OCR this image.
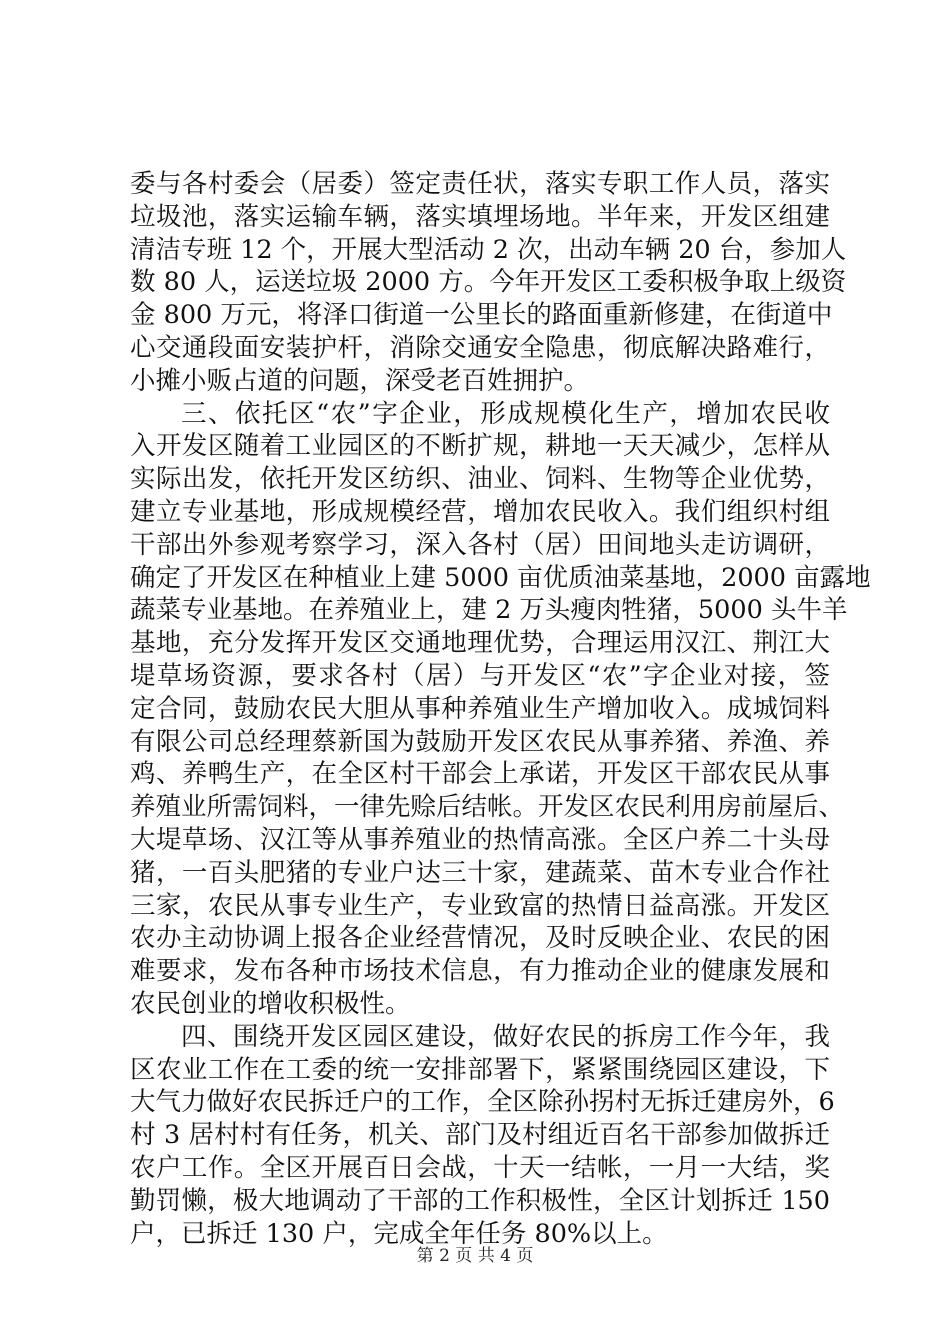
委与各村委会（居委）签定责任状，落实专职工作人员，落实
垃圾池，落实运输车辆，落实填埋场地。半年来，开发区组建
清洁专班 12 个，开展大型活动 2 次，出动车辆 20 台，参加人
数 80 人，运送垃圾 2000 方。今年开发区工委积极争取上级资
金 800 万元，将泽口街道一公里长的路面重新修建，在街道中
心交通段面安装护杆，消除交通安全隐患，彻底解决路难行，
小摊小贩占道的问题，深受老百姓拥护。
三、依托区“农”字企业，形成规模化生产，增加农民收
入开发区随着工业园区的不断扩规，耕地一天天减少，怎样从
实际出发，依托开发区纺织、油业、饲料、生物等企业优势，
建立专业基地，形成规模经营，增加农民收入。我们组织村组
干部出外参观考察学习，深入各村（居）田间地头走访调研，
确定了开发区在种植业上建 5000 亩优质油菜基地，2000 亩露地
蔬菜专业基地。在养殖业上，建 2 万头瘦肉牲猪，5000 头牛羊
基地，充分发挥开发区交通地理优势，合理运用汉江、荆江大
堤草场资源，要求各村（居）与开发区“农”字企业对接，签
定合同，鼓励农民大胆从事种养殖业生产增加收入。成城饲料
有限公司总经理蔡新国为鼓励开发区农民从事养猪、养渔、养
鸡、养鸭生产，在全区村干部会上承诺，开发区干部农民从事
养殖业所需饲料，一律先赊后结帐。开发区农民利用房前屋后、
大堤草场、汉江等从事养殖业的热情高涨。全区户养二十头母
猪，一百头肥猪的专业户达三十家，建蔬菜、苗木专业合作社
三家，农民从事专业生产，专业致富的热情日益高涨。开发区
农办主动协调上报各企业经营情况，及时反映企业、农民的困
难要求，发布各种市场技术信息，有力推动企业的健康发展和
农民创业的增收积极性。
四、围绕开发区园区建设，做好农民的拆房工作今年，我
区农业工作在工委的统一安排部署下，紧紧围绕园区建设，下
大气力做好农民拆迁户的工作，全区除孙拐村无拆迁建房外，6
村 3 居村村有任务，机关、部门及村组近百名干部参加做拆迁
农户工作。全区开展百日会战，十天一结帐，一月一大结，奖
勤罚懒，极大地调动了干部的工作积极性，全区计划拆迁 150
户，已拆迁 130 户，完成全年任务 80%以上。
第 2 页 共 4 页
